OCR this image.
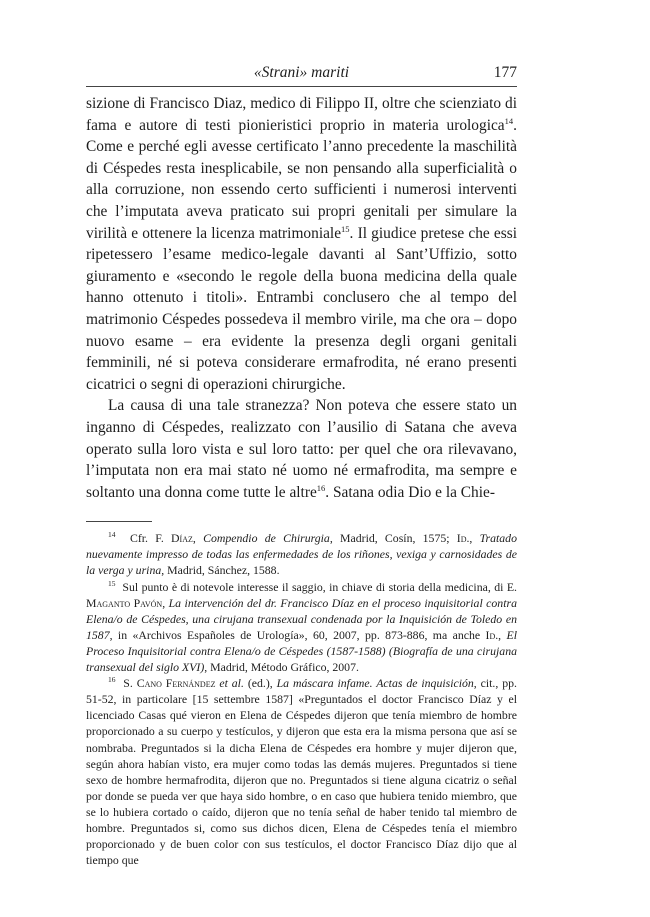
«Strani» mariti	177

sizione di Francisco Diaz, medico di Filippo II, oltre che scienziato di fama e autore di testi pionieristici proprio in materia urologica$^{14}$. Come e perché egli avesse certificato l’anno precedente la maschilità di Céspedes resta inesplicabile, se non pensando alla superficialità o alla corruzione, non essendo certo sufficienti i numerosi interventi che l’imputata aveva praticato sui propri genitali per simulare la virilità e ottenere la licenza matrimoniale$^{15}$. Il giudice pretese che essi ripetessero l’esame medico-legale davanti al Sant’Uffizio, sotto giuramento e «secondo le regole della buona medicina della quale hanno ottenuto i titoli». Entrambi conclusero che al tempo del matrimonio Céspedes possedeva il membro virile, ma che ora – dopo nuovo esame – era evidente la presenza degli organi genitali femminili, né si poteva considerare ermafrodita, né erano presenti cicatrici o segni di operazioni chirurgiche.

La causa di una tale stranezza? Non poteva che essere stato un inganno di Céspedes, realizzato con l’ausilio di Satana che aveva operato sulla loro vista e sul loro tatto: per quel che ora rilevavano, l’imputata non era mai stato né uomo né ermafrodita, ma sempre e soltanto una donna come tutte le altre$^{16}$. Satana odia Dio e la Chie-

$^{14}$ Cfr. F. Díaz, Compendio de Chirurgia, Madrid, Cosín, 1575; Id., Tratado nuevamente impresso de todas las enfermedades de los riñones, vexiga y carnosidades de la verga y urina, Madrid, Sánchez, 1588.

$^{15}$ Sul punto è di notevole interesse il saggio, in chiave di storia della medicina, di E. Maganto Pavón, La intervención del dr. Francisco Díaz en el proceso inquisitorial contra Elena/o de Céspedes, una cirujana transexual condenada por la Inquisición de Toledo en 1587, in «Archivos Españoles de Urología», 60, 2007, pp. 873-886, ma anche Id., El Proceso Inquisitorial contra Elena/o de Céspedes (1587-1588) (Biografía de una cirujana transexual del siglo XVI), Madrid, Método Gráfico, 2007.

$^{16}$ S. Cano Fernández et al. (ed.), La máscara infame. Actas de inquisición, cit., pp. 51-52, in particolare [15 settembre 1587] «Preguntados el doctor Francisco Díaz y el licenciado Casas qué vieron en Elena de Céspedes dijeron que tenía miembro de hombre proporcionado a su cuerpo y testículos, y dijeron que esta era la misma persona que así se nombraba. Preguntados si la dicha Elena de Céspedes era hombre y mujer dijeron que, según ahora habían visto, era mujer como todas las demás mujeres. Preguntados si tiene sexo de hombre hermafrodita, dijeron que no. Preguntados si tiene alguna cicatriz o señal por donde se pueda ver que haya sido hombre, o en caso que hubiera tenido miembro, que se lo hubiera cortado o caído, dijeron que no tenía señal de haber tenido tal miembro de hombre. Preguntados si, como sus dichos dicen, Elena de Céspedes tenía el miembro proporcionado y de buen color con sus testículos, el doctor Francisco Díaz dijo que al tiempo que
